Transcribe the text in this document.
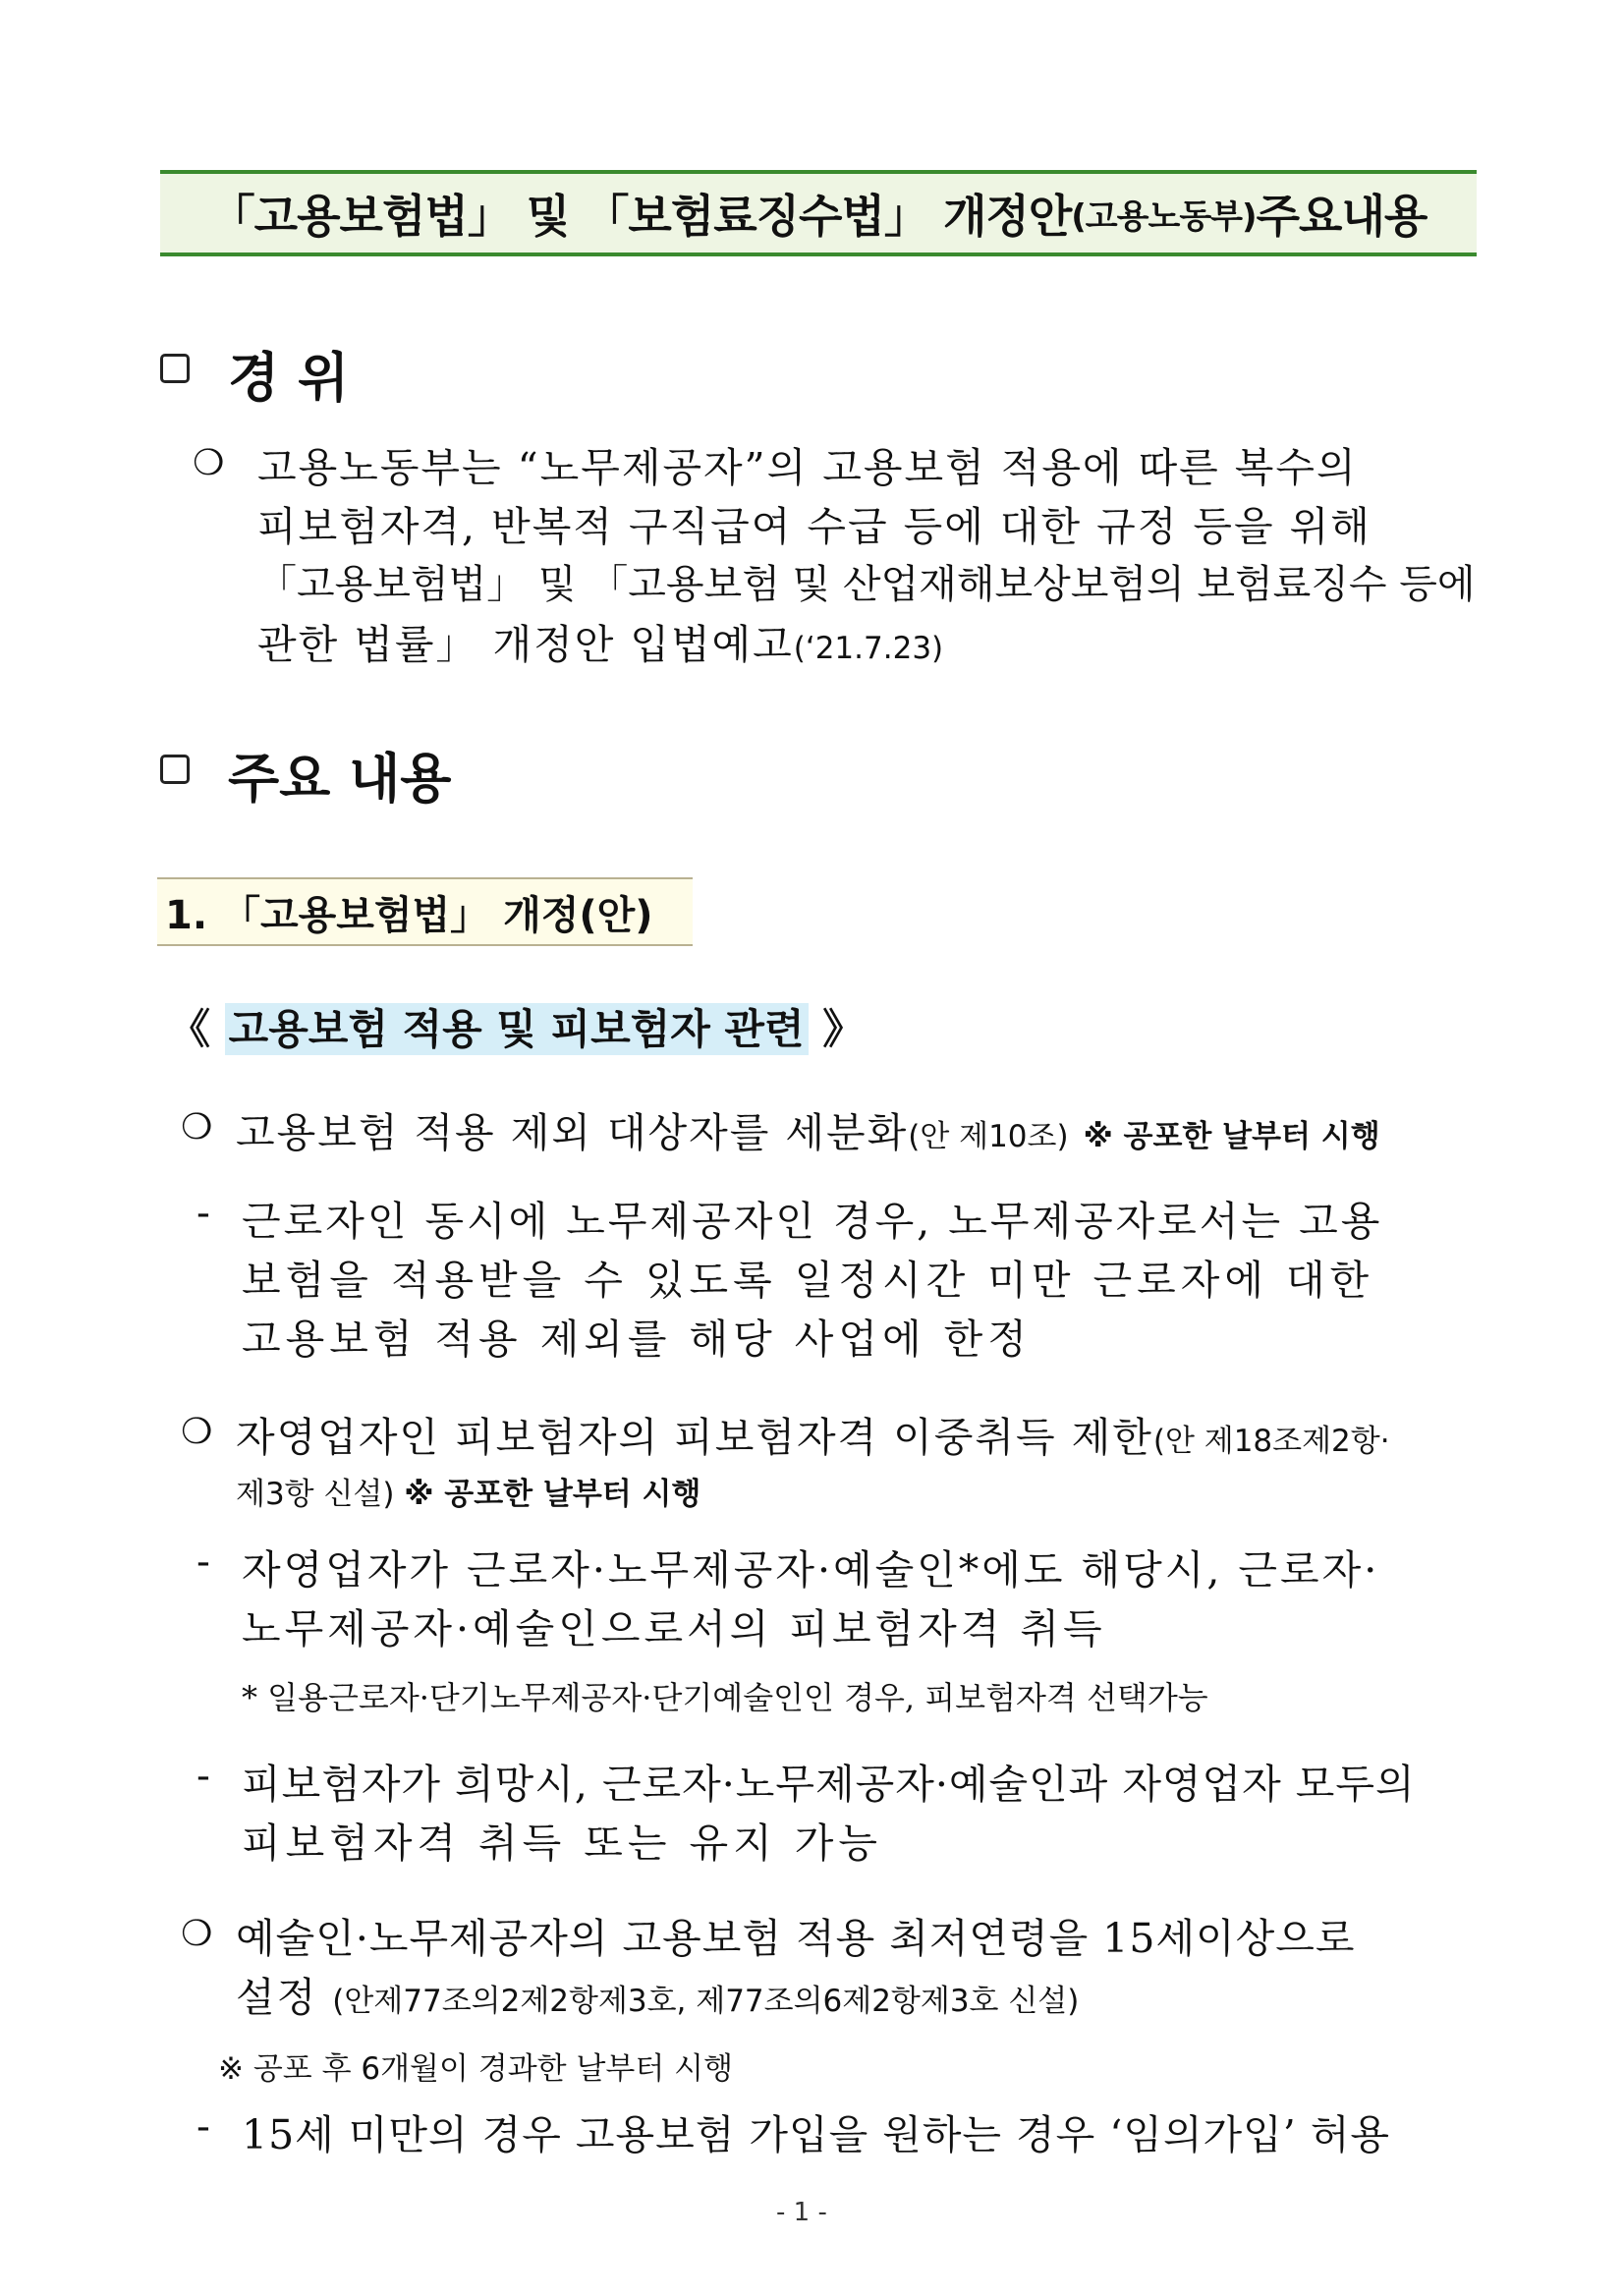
「고용보험법」 및 「보험료징수법」 개정안 (고용노동부) 주요내용
경 위
❍ 고용노동부는 “노무제공자”의 고용보험 적용에 따른 복수의
피보험자격, 반복적 구직급여 수급 등에 대한 규정 등을 위해
「고용보험법」 및 「고용보험 및 산업재해보상보험의 보험료징수 등에
관한 법률」 개정안 입법예고(‘21.7.23)
주요 내용
1. 「고용보험법」 개정(안)
《 고용보험 적용 및 피보험자 관련 》
❍ 고용보험 적용 제외 대상자를 세분화(안 제10조) ※ 공포한 날부터 시행
- 근로자인 동시에 노무제공자인 경우, 노무제공자로서는 고용
보험을 적용받을 수 있도록 일정시간 미만 근로자에 대한
고용보험 적용 제외를 해당 사업에 한정
❍ 자영업자인 피보험자의 피보험자격 이중취득 제한(안 제18조제2항·
제3항 신설) ※ 공포한 날부터 시행
- 자영업자가 근로자·노무제공자·예술인*에도 해당시, 근로자·
노무제공자·예술인으로서의 피보험자격 취득
* 일용근로자·단기노무제공자·단기예술인인 경우, 피보험자격 선택가능
- 피보험자가 희망시, 근로자·노무제공자·예술인과 자영업자 모두의
피보험자격 취득 또는 유지 가능
❍ 예술인·노무제공자의 고용보험 적용 최저연령을 15세이상으로
설정 (안제77조의2제2항제3호, 제77조의6제2항제3호 신설)
※ 공포 후 6개월이 경과한 날부터 시행
- 15세 미만의 경우 고용보험 가입을 원하는 경우 ‘임의가입’ 허용
- 1 -
